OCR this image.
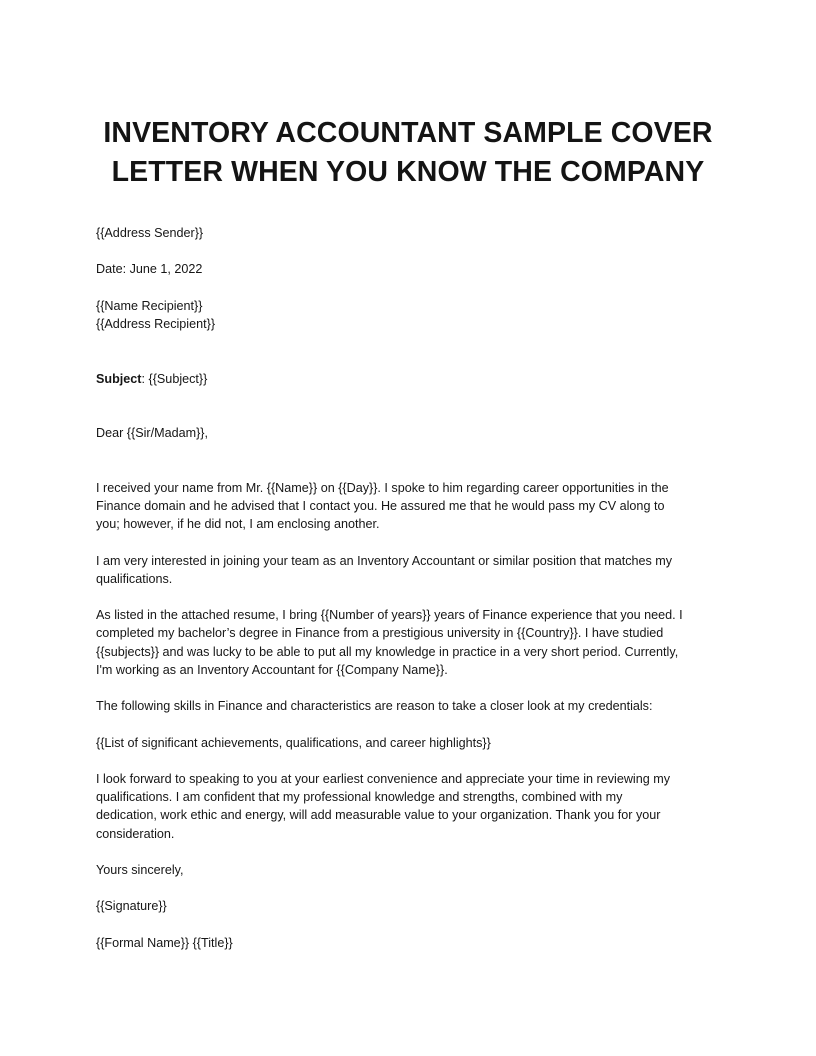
INVENTORY ACCOUNTANT SAMPLE COVER
LETTER WHEN YOU KNOW THE COMPANY
{{Address Sender}}
Date: June 1, 2022
{{Name Recipient}}
{{Address Recipient}}
Subject: {{Subject}}
Dear {{Sir/Madam}},
I received your name from Mr. {{Name}} on {{Day}}. I spoke to him regarding career opportunities in the
Finance domain and he advised that I contact you. He assured me that he would pass my CV along to
you; however, if he did not, I am enclosing another.
I am very interested in joining your team as an Inventory Accountant or similar position that matches my
qualifications.
As listed in the attached resume, I bring {{Number of years}} years of Finance experience that you need. I
completed my bachelor’s degree in Finance from a prestigious university in {{Country}}. I have studied
{{subjects}} and was lucky to be able to put all my knowledge in practice in a very short period. Currently,
I'm working as an Inventory Accountant for {{Company Name}}.
The following skills in Finance and characteristics are reason to take a closer look at my credentials:
{{List of significant achievements, qualifications, and career highlights}}
I look forward to speaking to you at your earliest convenience and appreciate your time in reviewing my
qualifications. I am confident that my professional knowledge and strengths, combined with my
dedication, work ethic and energy, will add measurable value to your organization. Thank you for your
consideration.
Yours sincerely,
{{Signature}}
{{Formal Name}} {{Title}}
